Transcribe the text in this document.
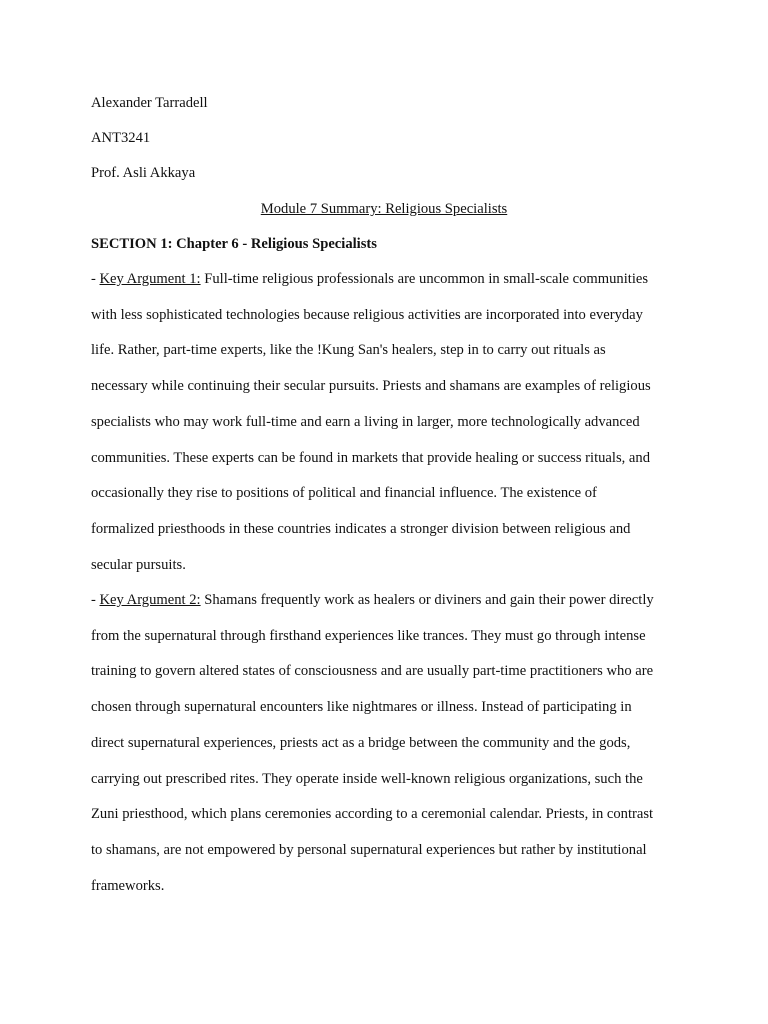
Alexander Tarradell
ANT3241
Prof. Asli Akkaya
Module 7 Summary: Religious Specialists
SECTION 1: Chapter 6 - Religious Specialists
- Key Argument 1: Full-time religious professionals are uncommon in small-scale communities
with less sophisticated technologies because religious activities are incorporated into everyday
life. Rather, part-time experts, like the !Kung San's healers, step in to carry out rituals as
necessary while continuing their secular pursuits. Priests and shamans are examples of religious
specialists who may work full-time and earn a living in larger, more technologically advanced
communities. These experts can be found in markets that provide healing or success rituals, and
occasionally they rise to positions of political and financial influence. The existence of
formalized priesthoods in these countries indicates a stronger division between religious and
secular pursuits.
- Key Argument 2: Shamans frequently work as healers or diviners and gain their power directly
from the supernatural through firsthand experiences like trances. They must go through intense
training to govern altered states of consciousness and are usually part-time practitioners who are
chosen through supernatural encounters like nightmares or illness. Instead of participating in
direct supernatural experiences, priests act as a bridge between the community and the gods,
carrying out prescribed rites. They operate inside well-known religious organizations, such the
Zuni priesthood, which plans ceremonies according to a ceremonial calendar. Priests, in contrast
to shamans, are not empowered by personal supernatural experiences but rather by institutional
frameworks.
